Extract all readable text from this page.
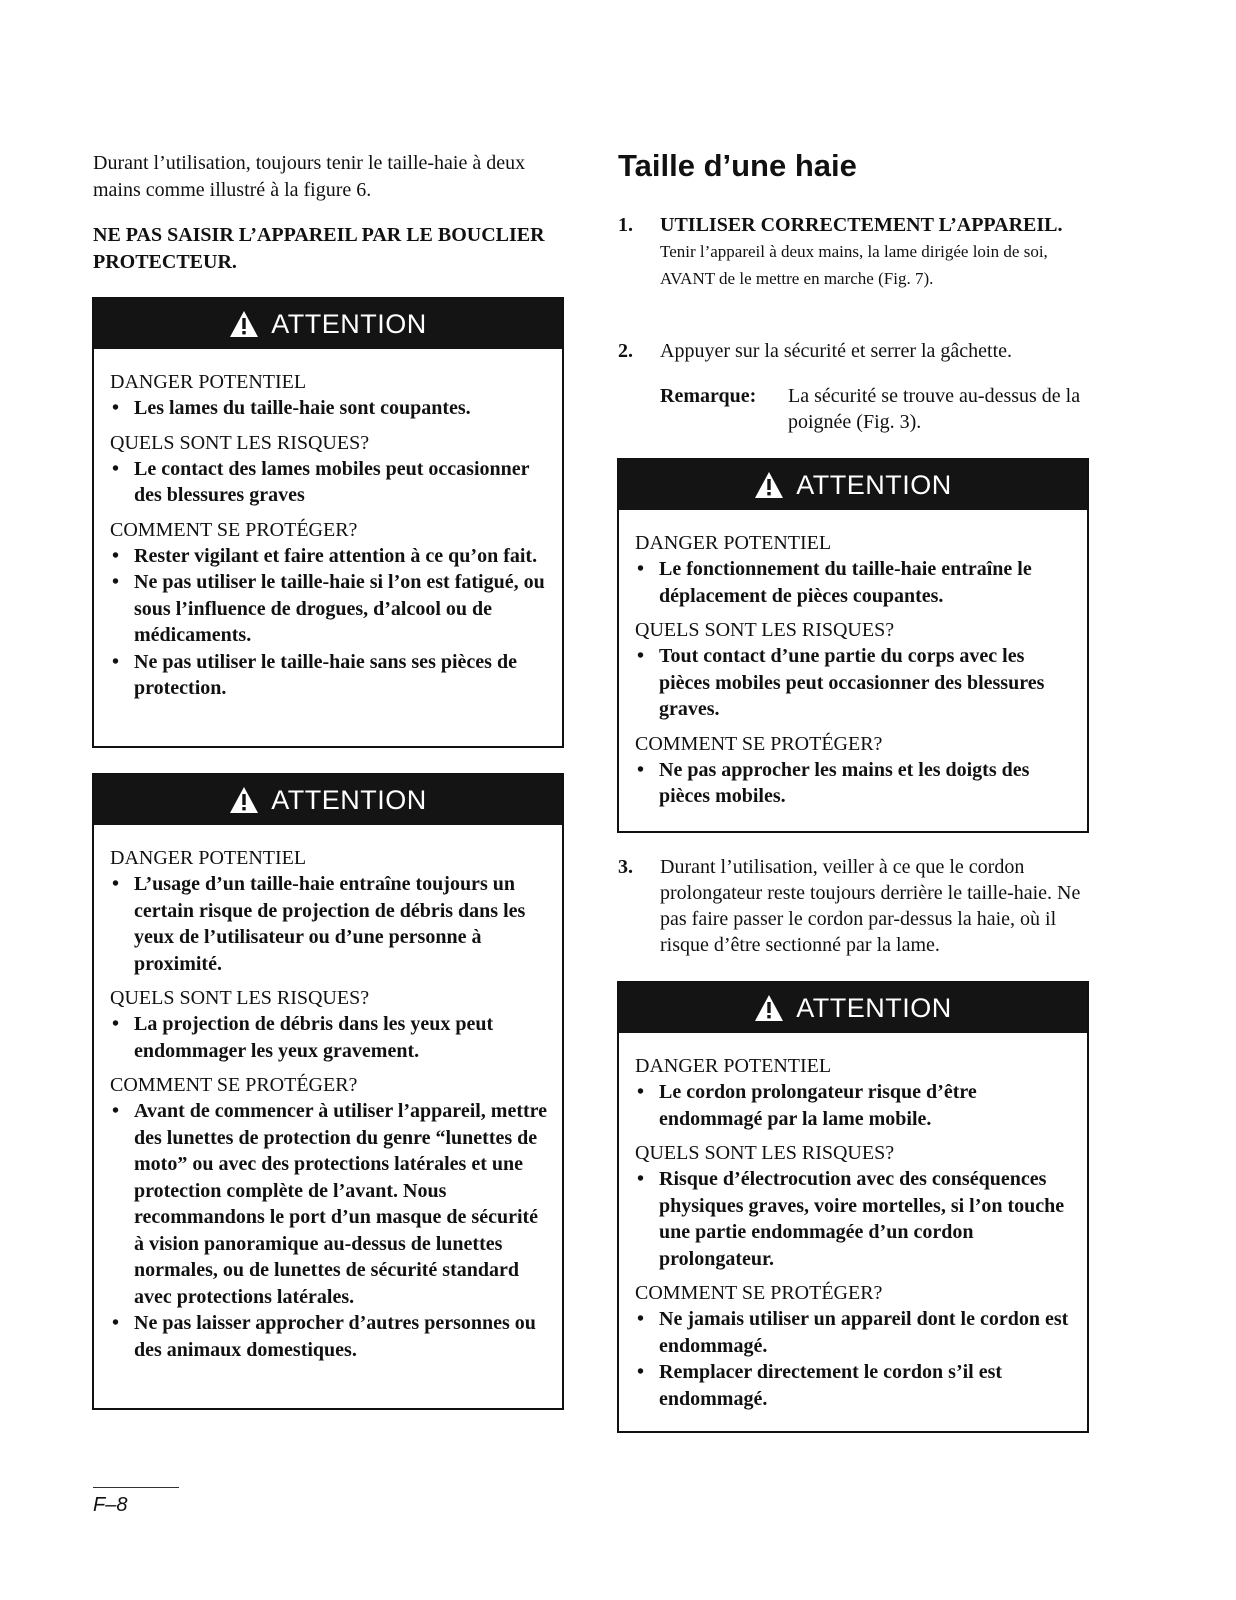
Durant l’utilisation, toujours tenir le taille-haie à deux mains comme illustré à la figure 6.

NE PAS SAISIR L’APPAREIL PAR LE BOUCLIER PROTECTEUR.

ATTENTION

DANGER POTENTIEL

• Les lames du taille-haie sont coupantes.

QUELS SONT LES RISQUES?

• Le contact des lames mobiles peut occasionner des blessures graves

COMMENT SE PROTÉGER?

• Rester vigilant et faire attention à ce qu’on fait.
• Ne pas utiliser le taille-haie si l’on est fatigué, ou sous l’influence de drogues, d’alcool ou de médicaments.
• Ne pas utiliser le taille-haie sans ses pièces de protection.
ATTENTION

DANGER POTENTIEL

• L’usage d’un taille-haie entraîne toujours un certain risque de projection de débris dans les yeux de l’utilisateur ou d’une personne à proximité.

QUELS SONT LES RISQUES?

• La projection de débris dans les yeux peut endommager les yeux gravement.

COMMENT SE PROTÉGER?

• Avant de commencer à utiliser l’appareil, mettre des lunettes de protection du genre “lunettes de moto” ou avec des protections latérales et une protection complète de l’avant. Nous recommandons le port d’un masque de sécurité à vision panoramique au-dessus de lunettes normales, ou de lunettes de sécurité standard avec protections latérales.
• Ne pas laisser approcher d’autres personnes ou des animaux domestiques.
Taille d’une haie
1. UTILISER CORRECTEMENT L’APPAREIL. Tenir l’appareil à deux mains, la lame dirigée loin de soi, AVANT de le mettre en marche (Fig. 7).
2. Appuyer sur la sécurité et serrer la gâchette.
Remarque:	La sécurité se trouve au-dessus de la poignée (Fig. 3).
ATTENTION

DANGER POTENTIEL

• Le fonctionnement du taille-haie entraîne le déplacement de pièces coupantes.

QUELS SONT LES RISQUES?

• Tout contact d’une partie du corps avec les pièces mobiles peut occasionner des blessures graves.

COMMENT SE PROTÉGER?

• Ne pas approcher les mains et les doigts des pièces mobiles.
3. Durant l’utilisation, veiller à ce que le cordon prolongateur reste toujours derrière le taille-haie. Ne pas faire passer le cordon par-dessus la haie, où il risque d’être sectionné par la lame.
ATTENTION

DANGER POTENTIEL

• Le cordon prolongateur risque d’être endommagé par la lame mobile.

QUELS SONT LES RISQUES?

• Risque d’électrocution avec des conséquences physiques graves, voire mortelles, si l’on touche une partie endommagée d’un cordon prolongateur.

COMMENT SE PROTÉGER?

• Ne jamais utiliser un appareil dont le cordon est endommagé.
• Remplacer directement le cordon s’il est endommagé.
F–8
